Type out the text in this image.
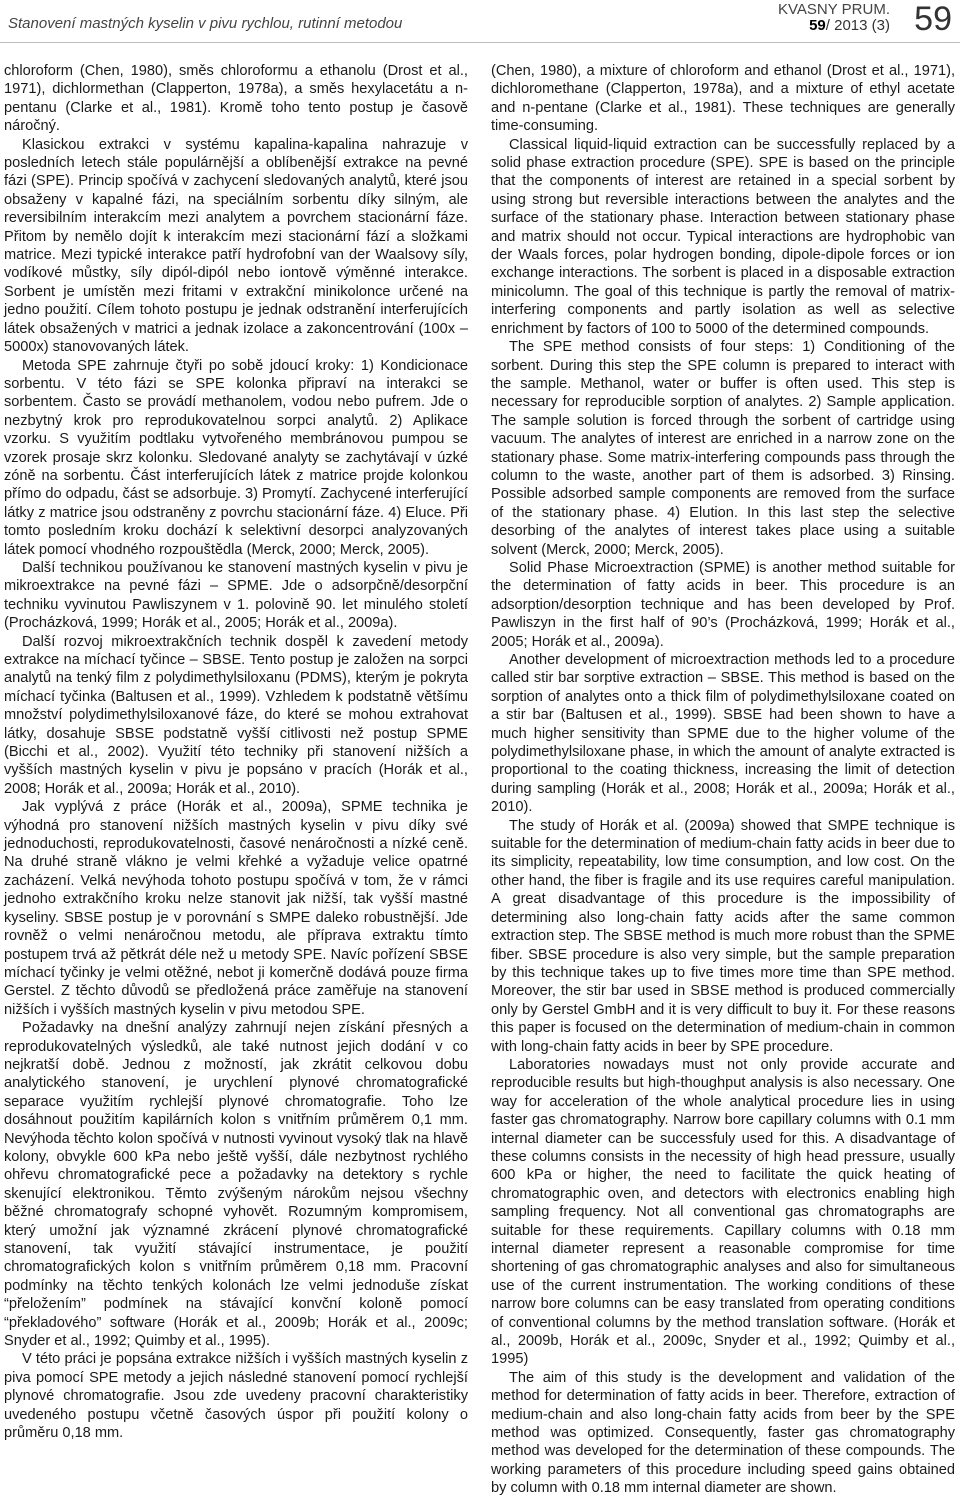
Stanovení mastných kyselin v pivu rychlou, rutinní metodou
KVASNY PRUM.
59/ 2013 (3) 59

chloroform (Chen, 1980), směs chloroformu a ethanolu (Drost et al., 1971), dichlormethan (Clapperton, 1978a), a směs hexylacetátu a n-pentanu (Clarke et al., 1981). Kromě toho tento postup je časově náročný.

Klasickou extrakci v systému kapalina-kapalina nahrazuje v posledních letech stále populárnější a oblíbenější extrakce na pevné fázi (SPE). Princip spočívá v zachycení sledovaných analytů, které jsou obsaženy v kapalné fázi, na speciálním sorbentu díky silným, ale reversibilním interakcím mezi analytem a povrchem stacionární fáze. Přitom by nemělo dojít k interakcím mezi stacionární fází a složkami matrice. Mezi typické interakce patří hydrofobní van der Waalsovy síly, vodíkové můstky, síly dipól-dipól nebo iontově výměnné interakce. Sorbent je umístěn mezi fritami v extrakční minikolonce určené na jedno použití. Cílem tohoto postupu je jednak odstranění interferujících látek obsažených v matrici a jednak izolace a zakoncentrování (100x – 5000x) stanovovaných látek.

Metoda SPE zahrnuje čtyři po sobě jdoucí kroky: 1) Kondicionace sorbentu. V této fázi se SPE kolonka připraví na interakci se sorbentem. Často se provádí methanolem, vodou nebo pufrem. Jde o nezbytný krok pro reprodukovatelnou sorpci analytů. 2) Aplikace vzorku. S využitím podtlaku vytvořeného membránovou pumpou se vzorek prosaje skrz kolonku. Sledované analyty se zachytávají v úzké zóně na sorbentu. Část interferujících látek z matrice projde kolonkou přímo do odpadu, část se adsorbuje. 3) Promytí. Zachycené interferující látky z matrice jsou odstraněny z povrchu stacionární fáze. 4) Eluce. Při tomto posledním kroku dochází k selektivní desorpci analyzovaných látek pomocí vhodného rozpouštědla (Merck, 2000; Merck, 2005).

Další technikou používanou ke stanovení mastných kyselin v pivu je mikroextrakce na pevné fázi – SPME. Jde o adsorpčně/desorpční techniku vyvinutou Pawliszynem v 1. polovině 90. let minulého století (Procházková, 1999; Horák et al., 2005; Horák et al., 2009a).

Další rozvoj mikroextrakčních technik dospěl k zavedení metody extrakce na míchací tyčince – SBSE. Tento postup je založen na sorpci analytů na tenký film z polydimethylsiloxanu (PDMS), kterým je pokryta míchací tyčinka (Baltusen et al., 1999). Vzhledem k podstatně většímu množství polydimethylsiloxanové fáze, do které se mohou extrahovat látky, dosahuje SBSE podstatně vyšší citlivosti než postup SPME (Bicchi et al., 2002). Využití této techniky při stanovení nižších a vyšších mastných kyselin v pivu je popsáno v pracích (Horák et al., 2008; Horák et al., 2009a; Horák et al., 2010).

Jak vyplývá z práce (Horák et al., 2009a), SPME technika je výhodná pro stanovení nižších mastných kyselin v pivu díky své jednoduchosti, reprodukovatelnosti, časové nenáročnosti a nízké ceně. Na druhé straně vlákno je velmi křehké a vyžaduje velice opatrné zacházení. Velká nevýhoda tohoto postupu spočívá v tom, že v rámci jednoho extrakčního kroku nelze stanovit jak nižší, tak vyšší mastné kyseliny. SBSE postup je v porovnání s SMPE daleko robustnější. Jde rovněž o velmi nenáročnou metodu, ale příprava extraktu tímto postupem trvá až pětkrát déle než u metody SPE. Navíc pořízení SBSE míchací tyčinky je velmi otěžné, nebot ji komerčně dodává pouze firma Gerstel. Z těchto důvodů se předložená práce zaměřuje na stanovení nižších i vyšších mastných kyselin v pivu metodou SPE.

Požadavky na dnešní analýzy zahrnují nejen získání přesných a reprodukovatelných výsledků, ale také nutnost jejich dodání v co nejkratší době. Jednou z možností, jak zkrátit celkovou dobu analytického stanovení, je urychlení plynové chromatografické separace využitím rychlejší plynové chromatografie. Toho lze dosáhnout použitím kapilárních kolon s vnitřním průměrem 0,1 mm. Nevýhoda těchto kolon spočívá v nutnosti vyvinout vysoký tlak na hlavě kolony, obvykle 600 kPa nebo ještě vyšší, dále nezbytnost rychlého ohřevu chromatografické pece a požadavky na detektory s rychle skenující elektronikou. Těmto zvýšeným nárokům nejsou všechny běžné chromatografy schopné vyhovět. Rozumným kompromisem, který umožní jak významné zkrácení plynové chromatografické stanovení, tak využití stávající instrumentace, je použití chromatografických kolon s vnitřním průměrem 0,18 mm. Pracovní podmínky na těchto tenkých kolonách lze velmi jednoduše získat “přeložením” podmínek na stávající konvční koloně pomocí “překladového” software (Horák et al., 2009b; Horák et al., 2009c; Snyder et al., 1992; Quimby et al., 1995).

V této práci je popsána extrakce nižších i vyšších mastných kyselin z piva pomocí SPE metody a jejich následné stanovení pomocí rychlejší plynové chromatografie. Jsou zde uvedeny pracovní charakteristiky uvedeného postupu včetně časových úspor při použití kolony o průměru 0,18 mm.

(Chen, 1980), a mixture of chloroform and ethanol (Drost et al., 1971), dichloromethane (Clapperton, 1978a), and a mixture of ethyl acetate and n-pentane (Clarke et al., 1981). These techniques are generally time-consuming.

Classical liquid-liquid extraction can be successfully replaced by a solid phase extraction procedure (SPE). SPE is based on the principle that the components of interest are retained in a special sorbent by using strong but reversible interactions between the analytes and the surface of the stationary phase. Interaction between stationary phase and matrix should not occur. Typical interactions are hydrophobic van der Waals forces, polar hydrogen bonding, dipole-dipole forces or ion exchange interactions. The sorbent is placed in a disposable extraction minicolumn. The goal of this technique is partly the removal of matrix-interfering components and partly isolation as well as selective enrichment by factors of 100 to 5000 of the determined compounds.

The SPE method consists of four steps: 1) Conditioning of the sorbent. During this step the SPE column is prepared to interact with the sample. Methanol, water or buffer is often used. This step is necessary for reproducible sorption of analytes. 2) Sample application. The sample solution is forced through the sorbent of cartridge using vacuum. The analytes of interest are enriched in a narrow zone on the stationary phase. Some matrix-interfering compounds pass through the column to the waste, another part of them is adsorbed. 3) Rinsing. Possible adsorbed sample components are removed from the surface of the stationary phase. 4) Elution. In this last step the selective desorbing of the analytes of interest takes place using a suitable solvent (Merck, 2000; Merck, 2005).

Solid Phase Microextraction (SPME) is another method suitable for the determination of fatty acids in beer. This procedure is an adsorption/desorption technique and has been developed by Prof. Pawliszyn in the first half of 90’s (Procházková, 1999; Horák et al., 2005; Horák et al., 2009a).

Another development of microextraction methods led to a procedure called stir bar sorptive extraction – SBSE. This method is based on the sorption of analytes onto a thick film of polydimethylsiloxane coated on a stir bar (Baltusen et al., 1999). SBSE had been shown to have a much higher sensitivity than SPME due to the higher volume of the polydimethylsiloxane phase, in which the amount of analyte extracted is proportional to the coating thickness, increasing the limit of detection during sampling (Horák et al., 2008; Horák et al., 2009a; Horák et al., 2010).

The study of Horák et al. (2009a) showed that SMPE technique is suitable for the determination of medium-chain fatty acids in beer due to its simplicity, repeatability, low time consumption, and low cost. On the other hand, the fiber is fragile and its use requires careful manipulation. A great disadvantage of this procedure is the impossibility of determining also long-chain fatty acids after the same common extraction step. The SBSE method is much more robust than the SPME fiber. SBSE procedure is also very simple, but the sample preparation by this technique takes up to five times more time than SPE method. Moreover, the stir bar used in SBSE method is produced commercially only by Gerstel GmbH and it is very difficult to buy it. For these reasons this paper is focused on the determination of medium-chain in common with long-chain fatty acids in beer by SPE procedure.

Laboratories nowadays must not only provide accurate and reproducible results but high-thoughput analysis is also necessary. One way for acceleration of the whole analytical procedure lies in using faster gas chromatography. Narrow bore capillary columns with 0.1 mm internal diameter can be successfuly used for this. A disadvantage of these columns consists in the necessity of high head pressure, usually 600 kPa or higher, the need to facilitate the quick heating of chromatographic oven, and detectors with electronics enabling high sampling frequency. Not all conventional gas chromatographs are suitable for these requirements. Capillary columns with 0.18 mm internal diameter represent a reasonable compromise for time shortening of gas chromatographic analyses and also for simultaneous use of the current instrumentation. The working conditions of these narrow bore columns can be easy translated from operating conditions of conventional columns by the method translation software. (Horák et al., 2009b, Horák et al., 2009c, Snyder et al., 1992; Quimby et al., 1995)

The aim of this study is the development and validation of the method for determination of fatty acids in beer. Therefore, extraction of medium-chain and also long-chain fatty acids from beer by the SPE method was optimized. Consequently, faster gas chromatography method was developed for the determination of these compounds. The working parameters of this procedure including speed gains obtained by column with 0.18 mm internal diameter are shown.
